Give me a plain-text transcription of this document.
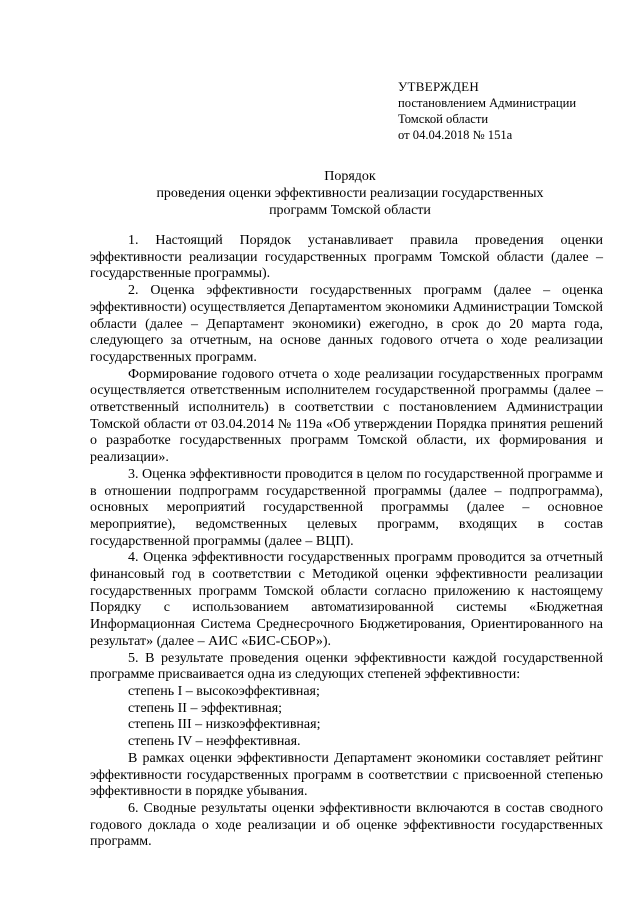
УТВЕРЖДЕН
постановлением Администрации
Томской области
от 04.04.2018 № 151а
Порядок
проведения оценки эффективности реализации государственных
программ Томской области

1. Настоящий Порядок устанавливает правила проведения оценки эффективности реализации государственных программ Томской области (далее – государственные программы).

2. Оценка эффективности государственных программ (далее – оценка эффективности) осуществляется Департаментом экономики Администрации Томской области (далее – Департамент экономики) ежегодно, в срок до 20 марта года, следующего за отчетным, на основе данных годового отчета о ходе реализации государственных программ.

Формирование годового отчета о ходе реализации государственных программ осуществляется ответственным исполнителем государственной программы (далее – ответственный исполнитель) в соответствии с постановлением Администрации Томской области от 03.04.2014 № 119а «Об утверждении Порядка принятия решений о разработке государственных программ Томской области, их формирования и реализации».

3. Оценка эффективности проводится в целом по государственной программе и в отношении подпрограмм государственной программы (далее – подпрограмма), основных мероприятий государственной программы (далее – основное мероприятие), ведомственных целевых программ, входящих в состав государственной программы (далее – ВЦП).

4. Оценка эффективности государственных программ проводится за отчетный финансовый год в соответствии с Методикой оценки эффективности реализации государственных программ Томской области согласно приложению к настоящему Порядку с использованием автоматизированной системы «Бюджетная Информационная Система Среднесрочного Бюджетирования, Ориентированного на результат» (далее – АИС «БИС-СБОР»).

5. В результате проведения оценки эффективности каждой государственной программе присваивается одна из следующих степеней эффективности:

степень I – высокоэффективная;

степень II – эффективная;

степень III – низкоэффективная;

степень IV – неэффективная.

В рамках оценки эффективности Департамент экономики составляет рейтинг эффективности государственных программ в соответствии с присвоенной степенью эффективности в порядке убывания.

6. Сводные результаты оценки эффективности включаются в состав сводного годового доклада о ходе реализации и об оценке эффективности государственных программ.
